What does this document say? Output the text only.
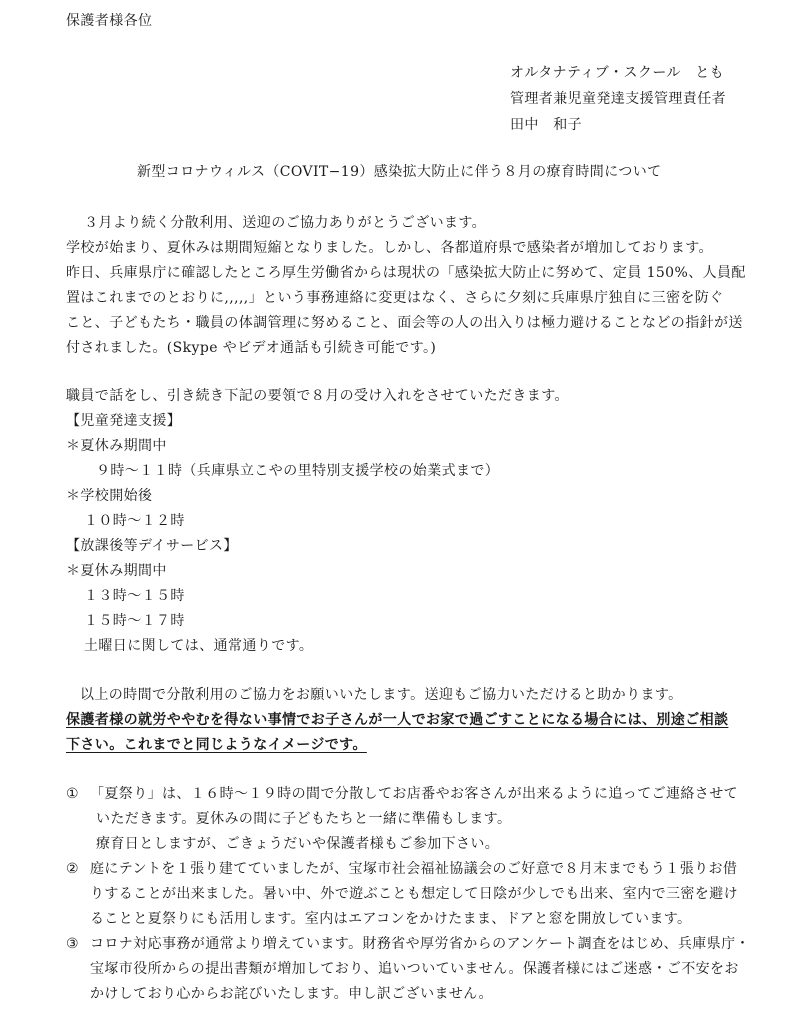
保護者様各位
オルタナティブ・スクール　とも
管理者兼児童発達支援管理責任者
田中　和子
新型コロナウィルス（COVIT−19）感染拡大防止に伴う８月の療育時間について
３月より続く分散利用、送迎のご協力ありがとうございます。
学校が始まり、夏休みは期間短縮となりました。しかし、各都道府県で感染者が増加しております。
昨日、兵庫県庁に確認したところ厚生労働省からは現状の「感染拡大防止に努めて、定員 150%、人員配
置はこれまでのとおりに,,,,,」という事務連絡に変更はなく、さらに夕刻に兵庫県庁独自に三密を防ぐ
こと、子どもたち・職員の体調管理に努めること、面会等の人の出入りは極力避けることなどの指針が送
付されました。(Skype やビデオ通話も引続き可能です。)
職員で話をし、引き続き下記の要領で８月の受け入れをさせていただきます。
【児童発達支援】
＊夏休み期間中
９時〜１１時（兵庫県立こやの里特別支援学校の始業式まで）
＊学校開始後
１０時〜１２時
【放課後等デイサービス】
＊夏休み期間中
１３時〜１５時
１５時〜１７時
土曜日に関しては、通常通りです。
以上の時間で分散利用のご協力をお願いいたします。送迎もご協力いただけると助かります。
保護者様の就労ややむを得ない事情でお子さんが一人でお家で過ごすことになる場合には、別途ご相談
下さい。これまでと同じようなイメージです。
① 「夏祭り」は、１６時〜１９時の間で分散してお店番やお客さんが出来るように追ってご連絡させて
いただきます。夏休みの間に子どもたちと一緒に準備もします。
療育日としますが、ごきょうだいや保護者様もご参加下さい。
② 庭にテントを１張り建てていましたが、宝塚市社会福祉協議会のご好意で８月末までもう１張りお借
りすることが出来ました。暑い中、外で遊ぶことも想定して日陰が少しでも出来、室内で三密を避け
ることと夏祭りにも活用します。室内はエアコンをかけたまま、ドアと窓を開放しています。
③ コロナ対応事務が通常より増えています。財務省や厚労省からのアンケート調査をはじめ、兵庫県庁・
宝塚市役所からの提出書類が増加しており、追いついていません。保護者様にはご迷惑・ご不安をお
かけしており心からお詫びいたします。申し訳ございません。
